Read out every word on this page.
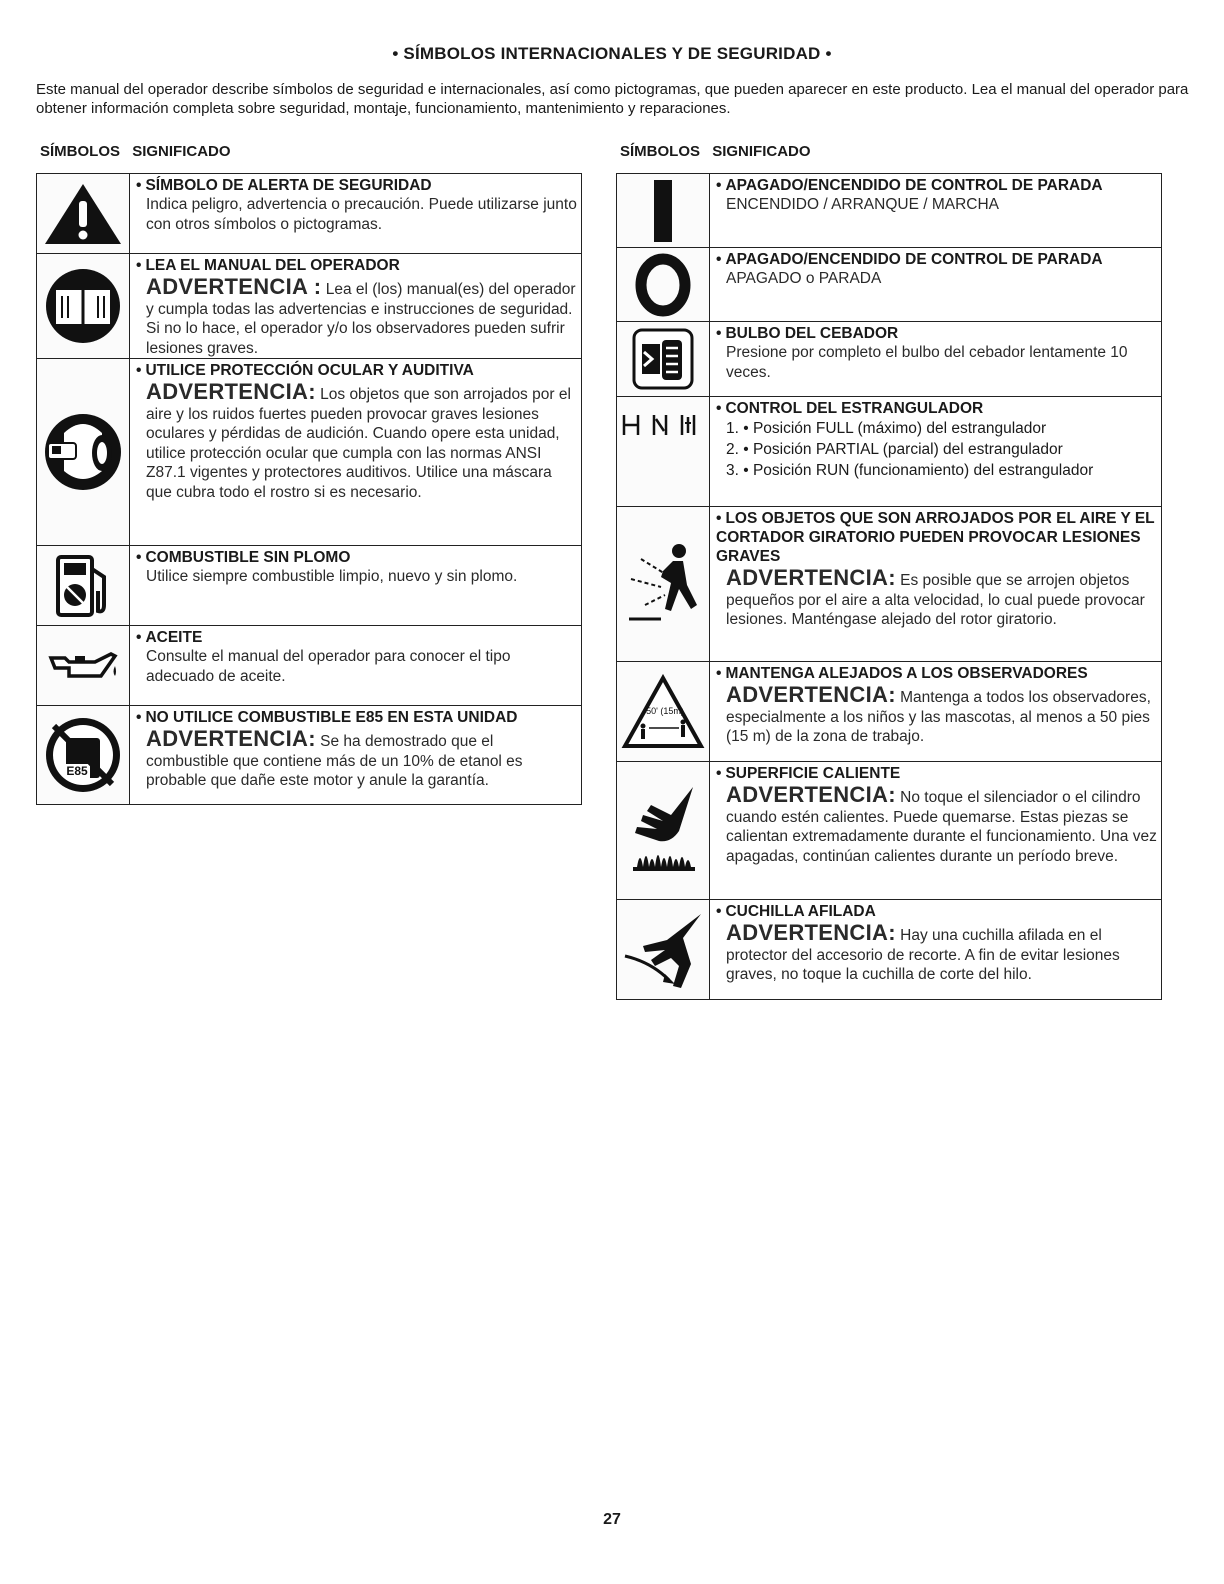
• SÍMBOLOS INTERNACIONALES Y DE SEGURIDAD •
Este manual del operador describe símbolos de seguridad e internacionales, así como pictogramas, que pueden aparecer en este producto. Lea el manual del operador para obtener información completa sobre seguridad, montaje, funcionamiento, mantenimiento y reparaciones.
SÍMBOLOS SIGNIFICADO	SÍMBOLOS SIGNIFICADO
• SÍMBOLO DE ALERTA DE SEGURIDAD
Indica peligro, advertencia o precaución. Puede utilizarse junto con otros símbolos o pictogramas.
• LEA EL MANUAL DEL OPERADOR
ADVERTENCIA : Lea el (los) manual(es) del operador y cumpla todas las advertencias e instrucciones de seguridad. Si no lo hace, el operador y/o los observadores pueden sufrir lesiones graves.
• UTILICE PROTECCIÓN OCULAR Y AUDITIVA
ADVERTENCIA: Los objetos que son arrojados por el aire y los ruidos fuertes pueden provocar graves lesiones oculares y pérdidas de audición. Cuando opere esta unidad, utilice protección ocular que cumpla con las normas ANSI Z87.1 vigentes y protectores auditivos. Utilice una máscara que cubra todo el rostro si es necesario.
• COMBUSTIBLE SIN PLOMO
Utilice siempre combustible limpio, nuevo y sin plomo.
• ACEITE
Consulte el manual del operador para conocer el tipo adecuado de aceite.
E85
• NO UTILICE COMBUSTIBLE E85 EN ESTA UNIDAD
ADVERTENCIA: Se ha demostrado que el combustible que contiene más de un 10% de etanol es probable que dañe este motor y anule la garantía.
• APAGADO/ENCENDIDO DE CONTROL DE PARADA
ENCENDIDO / ARRANQUE / MARCHA
• APAGADO/ENCENDIDO DE CONTROL DE PARADA
APAGADO o PARADA
• BULBO DEL CEBADOR
Presione por completo el bulbo del cebador lentamente 10 veces.
• CONTROL DEL ESTRANGULADOR
1. • Posición FULL (máximo) del estrangulador
2. • Posición PARTIAL (parcial) del estrangulador
3. • Posición RUN (funcionamiento) del estrangulador
• LOS OBJETOS QUE SON ARROJADOS POR EL AIRE Y EL CORTADOR GIRATORIO PUEDEN PROVOCAR LESIONES GRAVES
ADVERTENCIA: Es posible que se arrojen objetos pequeños por el aire a alta velocidad, lo cual puede provocar lesiones. Manténgase alejado del rotor giratorio.
50' (15m)
• MANTENGA ALEJADOS A LOS OBSERVADORES
ADVERTENCIA: Mantenga a todos los observadores, especialmente a los niños y las mascotas, al menos a 50 pies (15 m) de la zona de trabajo.
• SUPERFICIE CALIENTE
ADVERTENCIA: No toque el silenciador o el cilindro cuando estén calientes. Puede quemarse. Estas piezas se calientan extremadamente durante el funcionamiento. Una vez apagadas, continúan calientes durante un período breve.
• CUCHILLA AFILADA
ADVERTENCIA: Hay una cuchilla afilada en el protector del accesorio de recorte. A fin de evitar lesiones graves, no toque la cuchilla de corte del hilo.
27
